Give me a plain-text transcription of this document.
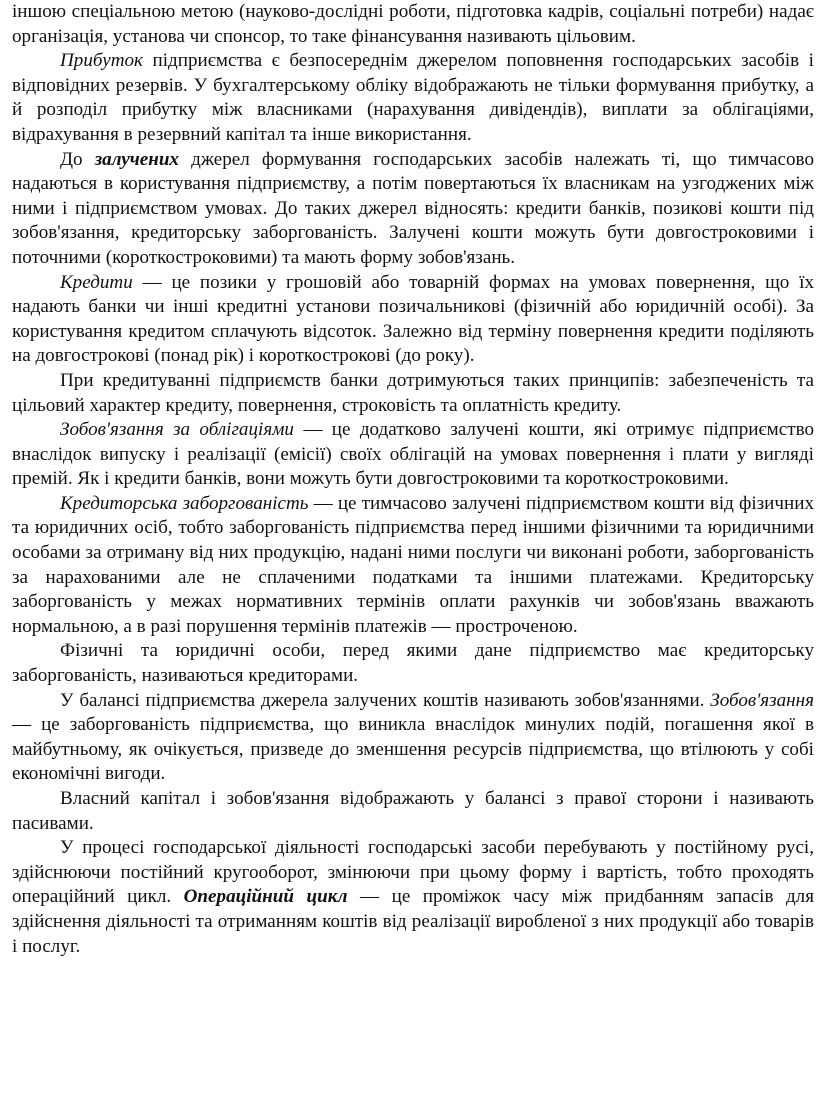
іншою спеціальною метою (науково-дослідні роботи, підготовка кадрів, соціальні потреби) надає організація, установа чи спонсор, то таке фінансування називають цільовим.

Прибуток підприємства є безпосереднім джерелом поповнення господарських засобів і відповідних резервів. У бухгалтерському обліку відображають не тільки формування прибутку, а й розподіл прибутку між власниками (нарахування дивідендів), виплати за облігаціями, відрахування в резервний капітал та інше використання.

До залучених джерел формування господарських засобів належать ті, що тимчасово надаються в користування підприємству, а потім повертаються їх власникам на узгоджених між ними і підприємством умовах. До таких джерел відносять: кредити банків, позикові кошти під зобов'язання, кредиторську заборгованість. Залучені кошти можуть бути довгостроковими і поточними (короткостроковими) та мають форму зобов'язань.

Кредити — це позики у грошовій або товарній формах на умовах повернення, що їх надають банки чи інші кредитні установи позичальникові (фізичній або юридичній особі). За користування кредитом сплачують відсоток. Залежно від терміну повернення кредити поділяють на довгострокові (понад рік) і короткострокові (до року).

При кредитуванні підприємств банки дотримуються таких принципів: забезпеченість та цільовий характер кредиту, повернення, строковість та оплатність кредиту.

Зобов'язання за облігаціями — це додатково залучені кошти, які отримує підприємство внаслідок випуску і реалізації (емісії) своїх облігацій на умовах повернення і плати у вигляді премій. Як і кредити банків, вони можуть бути довгостроковими та короткостроковими.

Кредиторська заборгованість — це тимчасово залучені підприємством кошти від фізичних та юридичних осіб, тобто заборгованість підприємства перед іншими фізичними та юридичними особами за отриману від них продукцію, надані ними послуги чи виконані роботи, заборгованість за нарахованими але не сплаченими податками та іншими платежами. Кредиторську заборгованість у межах нормативних термінів оплати рахунків чи зобов'язань вважають нормальною, а в разі порушення термінів платежів — простроченою.

Фізичні та юридичні особи, перед якими дане підприємство має кредиторську заборгованість, називаються кредиторами.

У балансі підприємства джерела залучених коштів називають зобов'язаннями. Зобов'язання — це заборгованість підприємства, що виникла внаслідок минулих подій, погашення якої в майбутньому, як очікується, призведе до зменшення ресурсів підприємства, що втілюють у собі економічні вигоди.

Власний капітал і зобов'язання відображають у балансі з правої сторони і називають пасивами.

У процесі господарської діяльності господарські засоби перебувають у постійному русі, здійснюючи постійний кругооборот, змінюючи при цьому форму і вартість, тобто проходять операційний цикл. Операційний цикл — це проміжок часу між придбанням запасів для здійснення діяльності та отриманням коштів від реалізації виробленої з них продукції або товарів і послуг.
